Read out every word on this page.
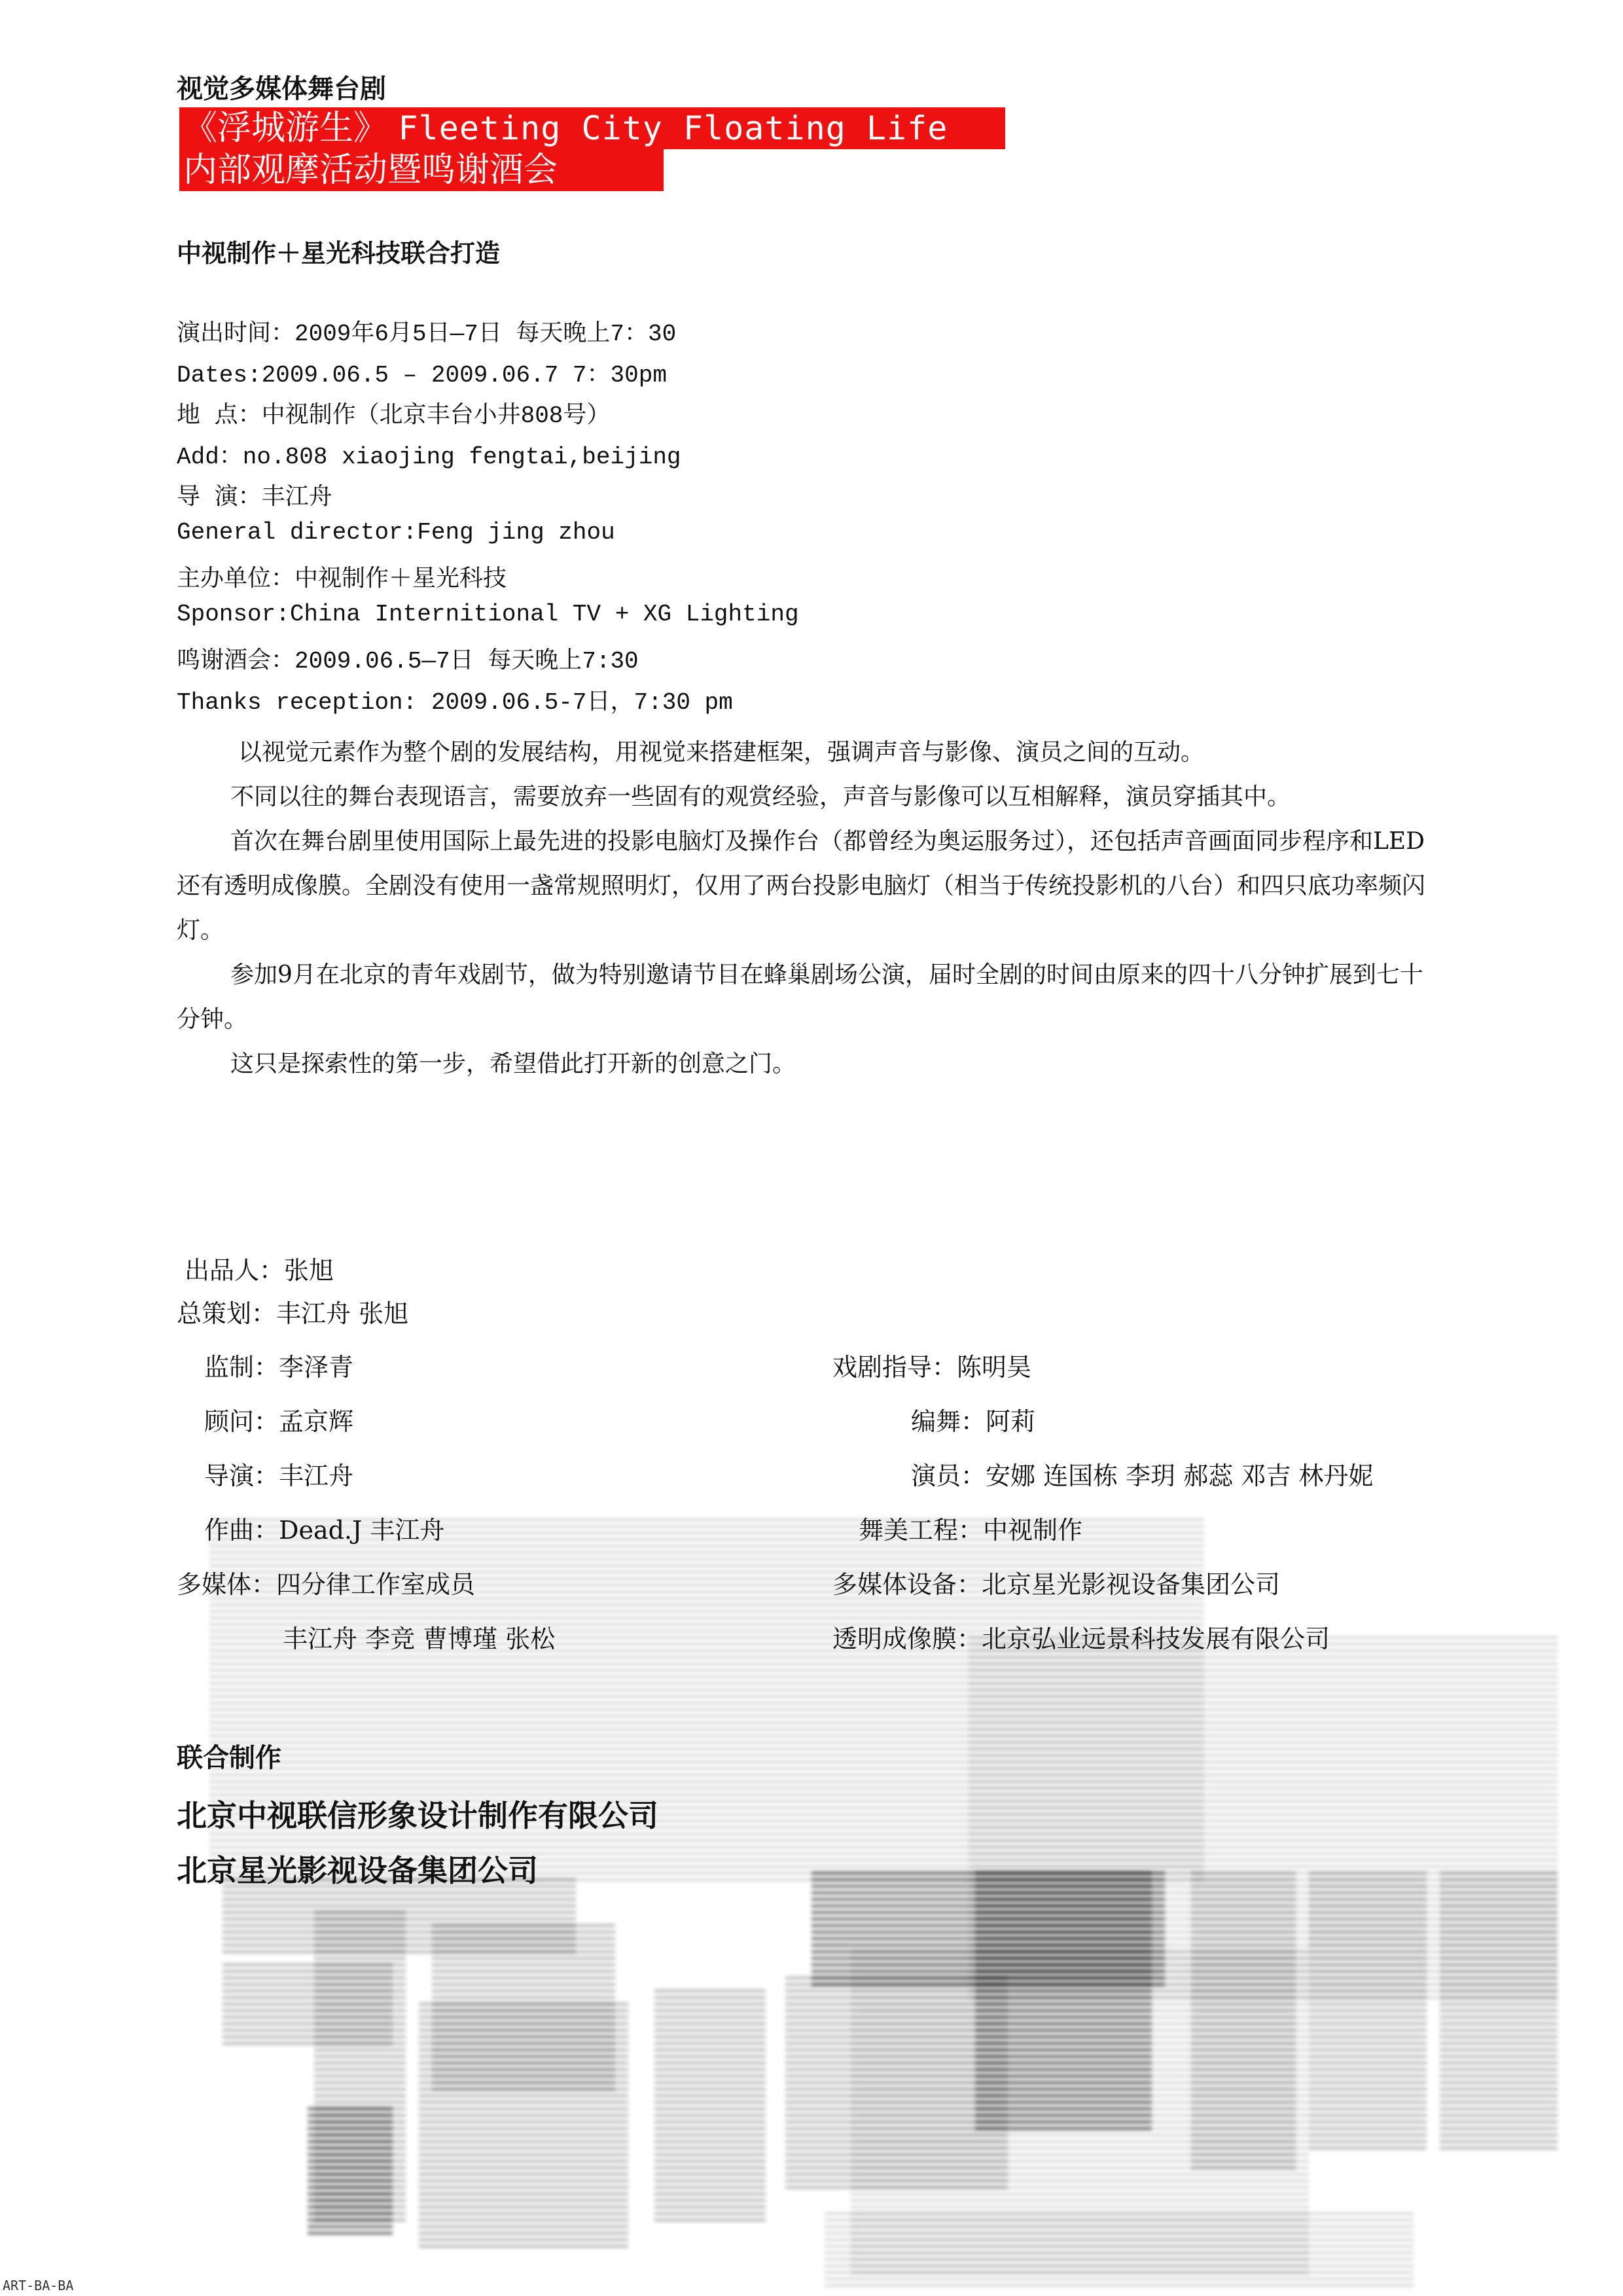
视觉多媒体舞台剧
《浮城游生》 Fleeting City Floating Life
内部观摩活动暨鸣谢酒会
中视制作＋星光科技联合打造
演出时间：2009年6月5日—7日 每天晚上7：30
Dates:2009.06.5 – 2009.06.7 7：30pm
地 点：中视制作（北京丰台小井808号）
Add：no.808 xiaojing fengtai,beijing
导 演：丰江舟
General director:Feng jing zhou
主办单位：中视制作＋星光科技
Sponsor:China Internitional TV + XG Lighting
鸣谢酒会：2009.06.5—7日 每天晚上7:30
Thanks reception: 2009.06.5-7日，7:30 pm
以视觉元素作为整个剧的发展结构，用视觉来搭建框架，强调声音与影像、演员之间的互动。
不同以往的舞台表现语言，需要放弃一些固有的观赏经验，声音与影像可以互相解释，演员穿插其中。
首次在舞台剧里使用国际上最先进的投影电脑灯及操作台（都曾经为奥运服务过），还包括声音画面同步程序和LED还有透明成像膜。全剧没有使用一盏常规照明灯，仅用了两台投影电脑灯（相当于传统投影机的八台）和四只底功率频闪灯。
参加9月在北京的青年戏剧节，做为特别邀请节目在蜂巢剧场公演，届时全剧的时间由原来的四十八分钟扩展到七十分钟。
这只是探索性的第一步，希望借此打开新的创意之门。
出品人：张旭
总策划：丰江舟 张旭
监制：李泽青
顾问：孟京辉
导演：丰江舟
作曲：Dead.J 丰江舟
多媒体：四分律工作室成员
丰江舟 李竞 曹博瑾 张松
戏剧指导：陈明昊
编舞：阿莉
演员：安娜 连国栋 李玥 郝蕊 邓吉 林丹妮
舞美工程：中视制作
多媒体设备：北京星光影视设备集团公司
透明成像膜：北京弘业远景科技发展有限公司
联合制作
北京中视联信形象设计制作有限公司
北京星光影视设备集团公司
ART-BA-BA
